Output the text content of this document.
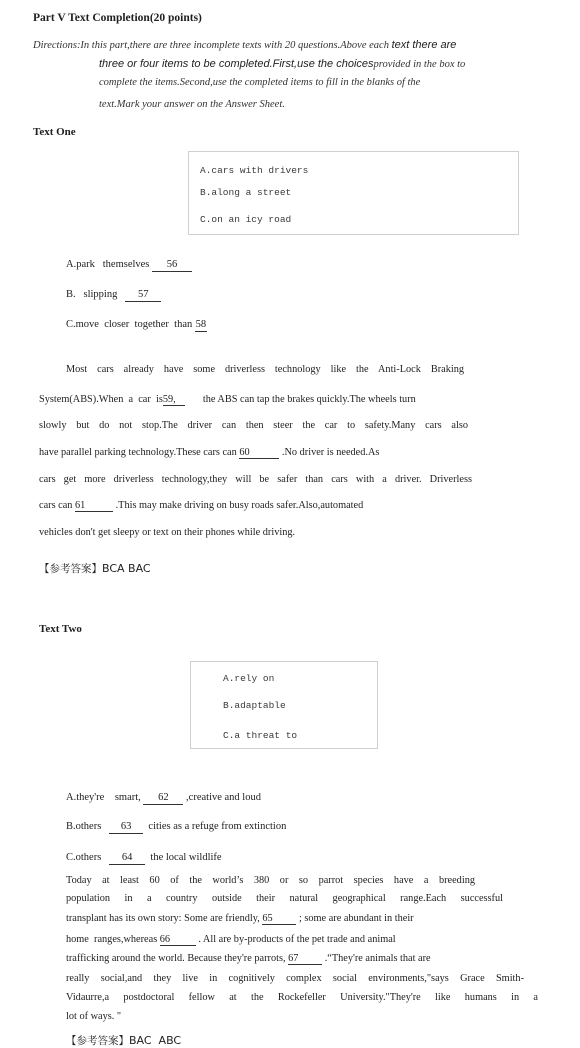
Part V Text Completion(20 points)
Directions:In this part,there are three incomplete texts with 20 questions.Above each text there are
three or four items to be completed.First,use the choicesprovided in the box to
complete the items.Second,use the completed items to fill in the blanks of the
text.Mark your answer on the Answer Sheet.
Text One
A.cars with drivers
B.along a street
C.on an icy road
A.park   themselves 56
B.   slipping   57
C.move  closer  together  than 58
Most cars already have some driverless technology like the Anti-Lock Braking
System(ABS).When  a  car  is59,       the ABS can tap the brakes quickly.The wheels turn
slowly but do not stop.The driver can then steer the car to safety.Many cars also
have parallel parking technology.These cars can 60	.No driver is needed.As
cars get more driverless technology,they will be safer than cars with a driver. Driverless
cars can 61	.This may make driving on busy roads safer.Also,automated
vehicles don't get sleepy or text on their phones while driving.
【参考答案】BCA BAC
Text Two
A.rely on
B.adaptable
C.a threat to
A.they're    smart, 62 ,creative and loud
B.others   63  cities as a refuge from extinction
C.others   64  the local wildlife
Today at least 60 of the world’s 380 or so parrot species have a breeding
population in a country outside their natural geographical range.Each successful
transplant has its own story: Some are friendly, 65 ; some are abundant in their
home  ranges,whereas 66 . All are by-products of the pet trade and animal
trafficking around the world. Because they're parrots, 67 .“They're animals that are
really social,and they live in cognitively complex social environments,"says Grace Smith-
Vidaurre,a postdoctoral fellow at the Rockefeller University."They're like humans in a
lot of ways. "
【参考答案】BAC  ABC
